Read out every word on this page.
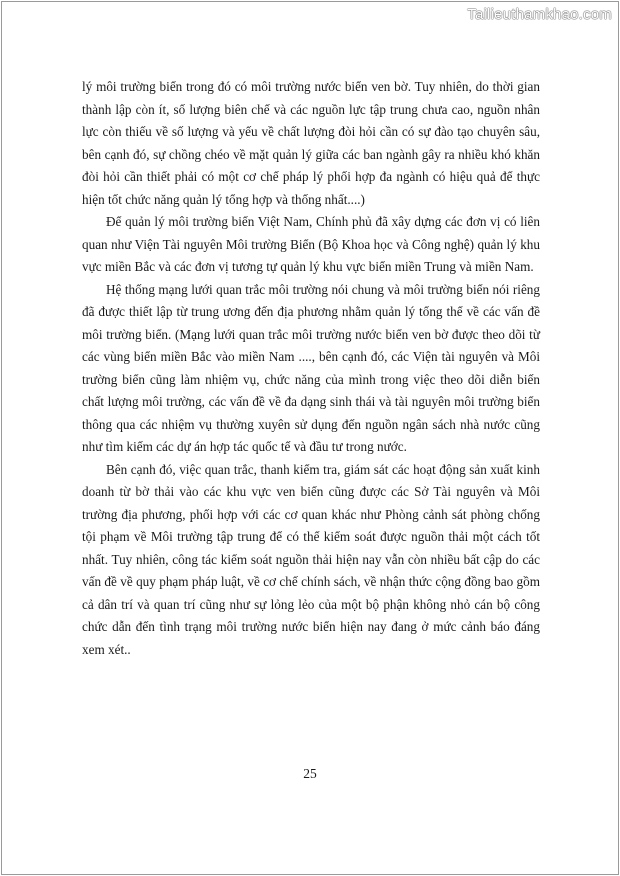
Tailieuthamkhao.com

lý môi trường biển trong đó có môi trường nước biển ven bờ. Tuy nhiên, do thời gian thành lập còn ít, số lượng biên chế và các nguồn lực tập trung chưa cao, nguồn nhân lực còn thiếu về số lượng và yếu về chất lượng đòi hỏi cần có sự đào tạo chuyên sâu, bên cạnh đó, sự chồng chéo về mặt quản lý giữa các ban ngành gây ra nhiều khó khăn đòi hỏi cần thiết phải có một cơ chế pháp lý phối hợp đa ngành có hiệu quả để thực hiện tốt chức năng quản lý tổng hợp và thống nhất....)

Để quản lý môi trường biển Việt Nam, Chính phủ đã xây dựng các đơn vị có liên quan như Viện Tài nguyên Môi trường Biển (Bộ Khoa học và Công nghệ) quản lý khu vực miền Bắc và các đơn vị tương tự quản lý khu vực biển miền Trung và miền Nam.

Hệ thống mạng lưới quan trắc môi trường nói chung và môi trường biển nói riêng đã được thiết lập từ trung ương đến địa phương nhằm quản lý tổng thể về các vấn đề môi trường biển. (Mạng lưới quan trắc môi trường nước biển ven bờ được theo dõi từ các vùng biển miền Bắc vào miền Nam ...., bên cạnh đó, các Viện tài nguyên và Môi trường biển cũng làm nhiệm vụ, chức năng của mình trong việc theo dõi diễn biến chất lượng môi trường, các vấn đề về đa dạng sinh thái và tài nguyên môi trường biển thông qua các nhiệm vụ thường xuyên sử dụng đến nguồn ngân sách nhà nước cũng như tìm kiếm các dự án hợp tác quốc tế và đầu tư trong nước.

Bên cạnh đó, việc quan trắc, thanh kiểm tra, giám sát các hoạt động sản xuất kinh doanh từ bờ thải vào các khu vực ven biển cũng được các Sở Tài nguyên và Môi trường địa phương, phối hợp với các cơ quan khác như Phòng cảnh sát phòng chống tội phạm về Môi trường tập trung để có thể kiểm soát được nguồn thải một cách tốt nhất. Tuy nhiên, công tác kiểm soát nguồn thải hiện nay vẫn còn nhiều bất cập do các vấn đề về quy phạm pháp luật, về cơ chế chính sách, về nhận thức cộng đồng bao gồm cả dân trí và quan trí cũng như sự lỏng lẻo của một bộ phận không nhỏ cán bộ công chức dẫn đến tình trạng môi trường nước biển hiện nay đang ở mức cảnh báo đáng xem xét..

25
